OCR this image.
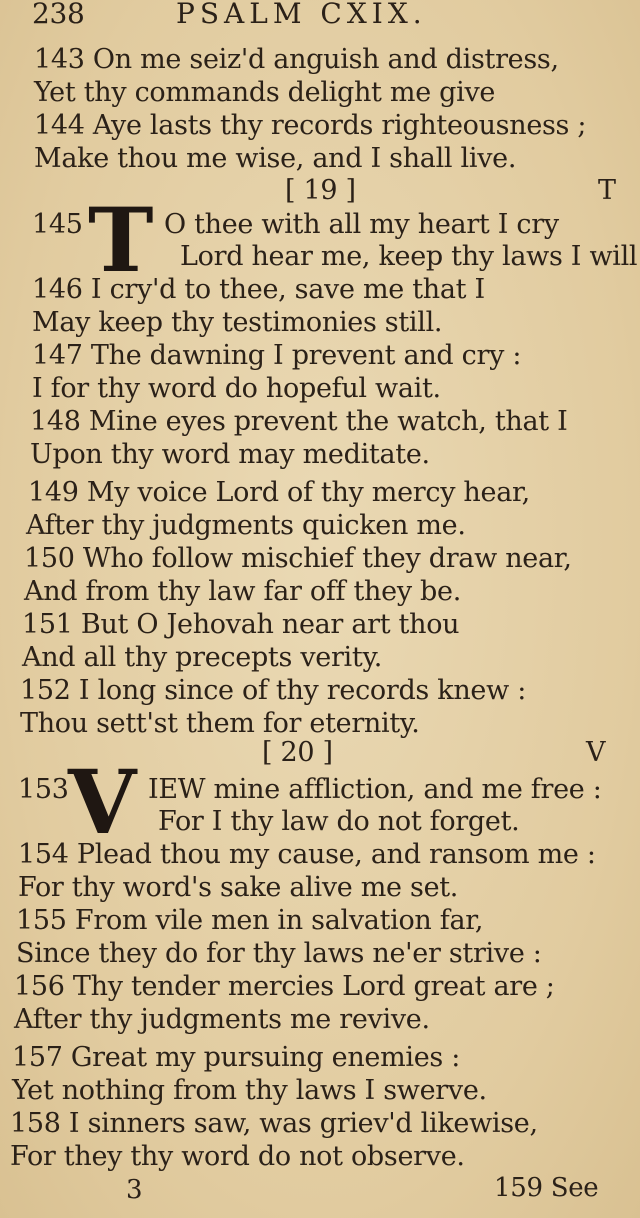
238	PSALM CXIX.
143 On me seiz'd anguish and distress,
Yet thy commands delight me give
144 Aye lasts thy records righteousness ;
Make thou me wise, and I shall live.
[ 19 ]	T
145 T O thee with all my heart I cry
Lord hear me, keep thy laws I will
146 I cry'd to thee, save me that I
May keep thy testimonies still.
147 The dawning I prevent and cry :
I for thy word do hopeful wait.
148 Mine eyes prevent the watch, that I
Upon thy word may meditate.
149 My voice Lord of thy mercy hear,
After thy judgments quicken me.
150 Who follow mischief they draw near,
And from thy law far off they be.
151 But O Jehovah near art thou
And all thy precepts verity.
152 I long since of thy records knew :
Thou sett'st them for eternity.
[ 20 ]	V
153 V IEW mine affliction, and me free :
For I thy law do not forget.
154 Plead thou my cause, and ransom me :
For thy word's sake alive me set.
155 From vile men in salvation far,
Since they do for thy laws ne'er strive :
156 Thy tender mercies Lord great are ;
After thy judgments me revive.
157 Great my pursuing enemies :
Yet nothing from thy laws I swerve.
158 I sinners saw, was griev'd likewise,
For they thy word do not observe.
3	159 See
